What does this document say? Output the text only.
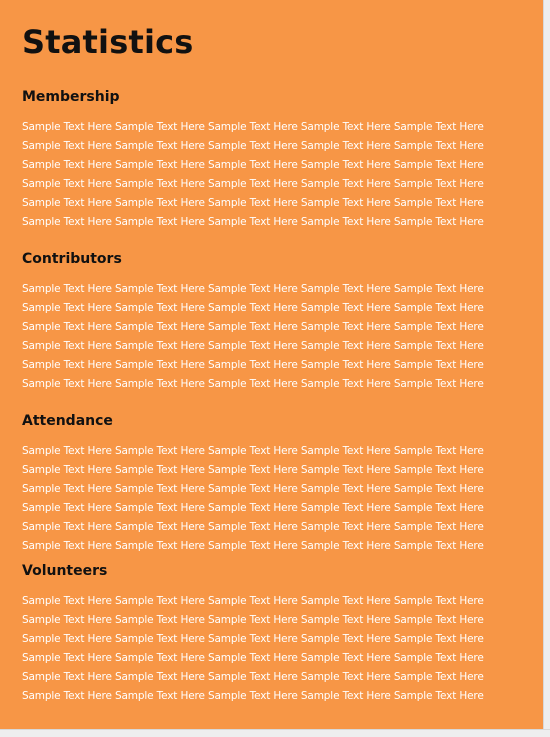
Statistics
Membership
Sample Text Here Sample Text Here Sample Text Here Sample Text Here Sample Text Here
Sample Text Here Sample Text Here Sample Text Here Sample Text Here Sample Text Here
Sample Text Here Sample Text Here Sample Text Here Sample Text Here Sample Text Here
Sample Text Here Sample Text Here Sample Text Here Sample Text Here Sample Text Here
Sample Text Here Sample Text Here Sample Text Here Sample Text Here Sample Text Here
Sample Text Here Sample Text Here Sample Text Here Sample Text Here Sample Text Here
Contributors
Sample Text Here Sample Text Here Sample Text Here Sample Text Here Sample Text Here
Sample Text Here Sample Text Here Sample Text Here Sample Text Here Sample Text Here
Sample Text Here Sample Text Here Sample Text Here Sample Text Here Sample Text Here
Sample Text Here Sample Text Here Sample Text Here Sample Text Here Sample Text Here
Sample Text Here Sample Text Here Sample Text Here Sample Text Here Sample Text Here
Sample Text Here Sample Text Here Sample Text Here Sample Text Here Sample Text Here
Attendance
Sample Text Here Sample Text Here Sample Text Here Sample Text Here Sample Text Here
Sample Text Here Sample Text Here Sample Text Here Sample Text Here Sample Text Here
Sample Text Here Sample Text Here Sample Text Here Sample Text Here Sample Text Here
Sample Text Here Sample Text Here Sample Text Here Sample Text Here Sample Text Here
Sample Text Here Sample Text Here Sample Text Here Sample Text Here Sample Text Here
Sample Text Here Sample Text Here Sample Text Here Sample Text Here Sample Text Here
Volunteers
Sample Text Here Sample Text Here Sample Text Here Sample Text Here Sample Text Here
Sample Text Here Sample Text Here Sample Text Here Sample Text Here Sample Text Here
Sample Text Here Sample Text Here Sample Text Here Sample Text Here Sample Text Here
Sample Text Here Sample Text Here Sample Text Here Sample Text Here Sample Text Here
Sample Text Here Sample Text Here Sample Text Here Sample Text Here Sample Text Here
Sample Text Here Sample Text Here Sample Text Here Sample Text Here Sample Text Here
